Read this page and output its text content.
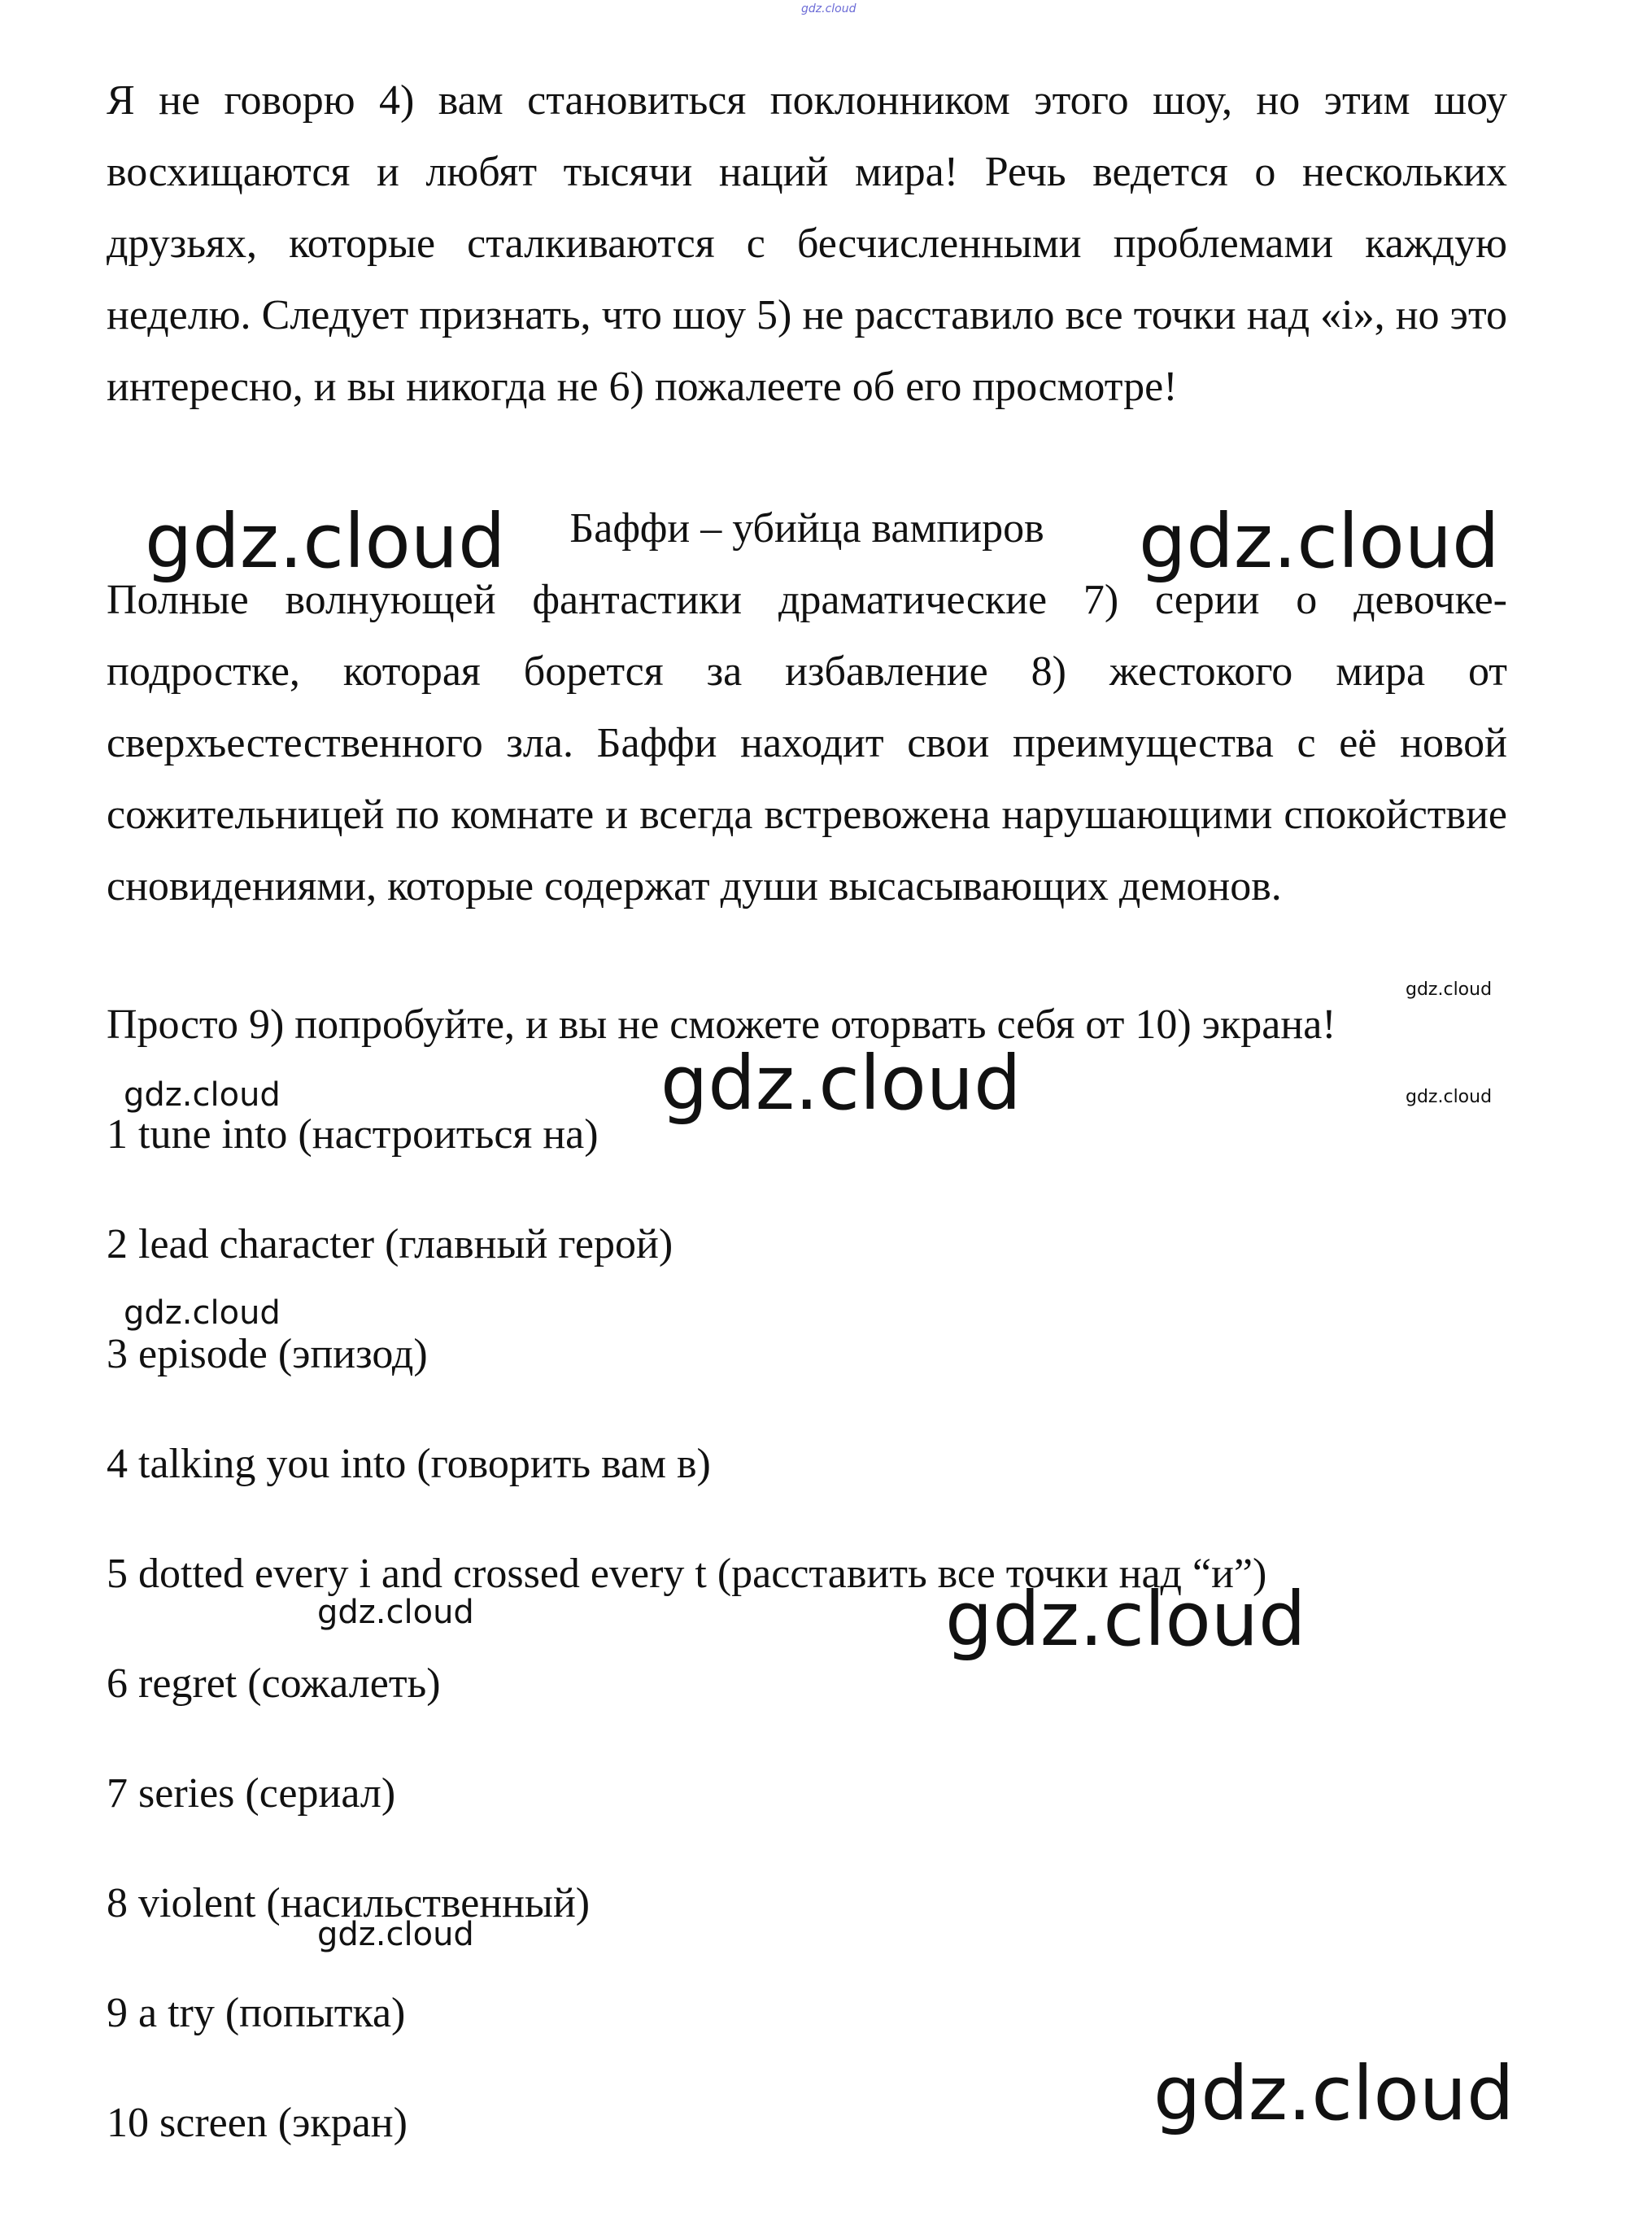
gdz.cloud

Я не говорю 4) вам становиться поклонником этого шоу, но этим шоу восхищаются и любят тысячи наций мира! Речь ведется о нескольких друзьях, которые сталкиваются с бесчисленными проблемами каждую неделю. Следует признать, что шоу 5) не расставило все точки над «і», но это интересно, и вы никогда не 6) пожалеете об его просмотре!

Баффи – убийца вампиров

Полные волнующей фантастики драматические 7) серии о девочке-подростке, которая борется за избавление 8) жестокого мира от сверхъестественного зла. Баффи находит свои преимущества с её новой сожительницей по комнате и всегда встревожена нарушающими спокойствие сновидениями, которые содержат души высасывающих демонов.

Просто 9) попробуйте, и вы не сможете оторвать себя от 10) экрана!

1 tune into (настроиться на)

2 lead character (главный герой)

3 episode (эпизод)

4 talking you into (говорить вам в)

5 dotted every i and crossed every t (расставить все точки над “и”)

6 regret (сожалеть)

7 series (сериал)

8 violent (насильственный)

9 a try (попытка)

10 screen (экран)

gdz.cloud	gdz.cloud
gdz.cloud
gdz.cloud
gdz.cloud	gdz.cloud
gdz.cloud
gdz.cloud	gdz.cloud
gdz.cloud
gdz.cloud
